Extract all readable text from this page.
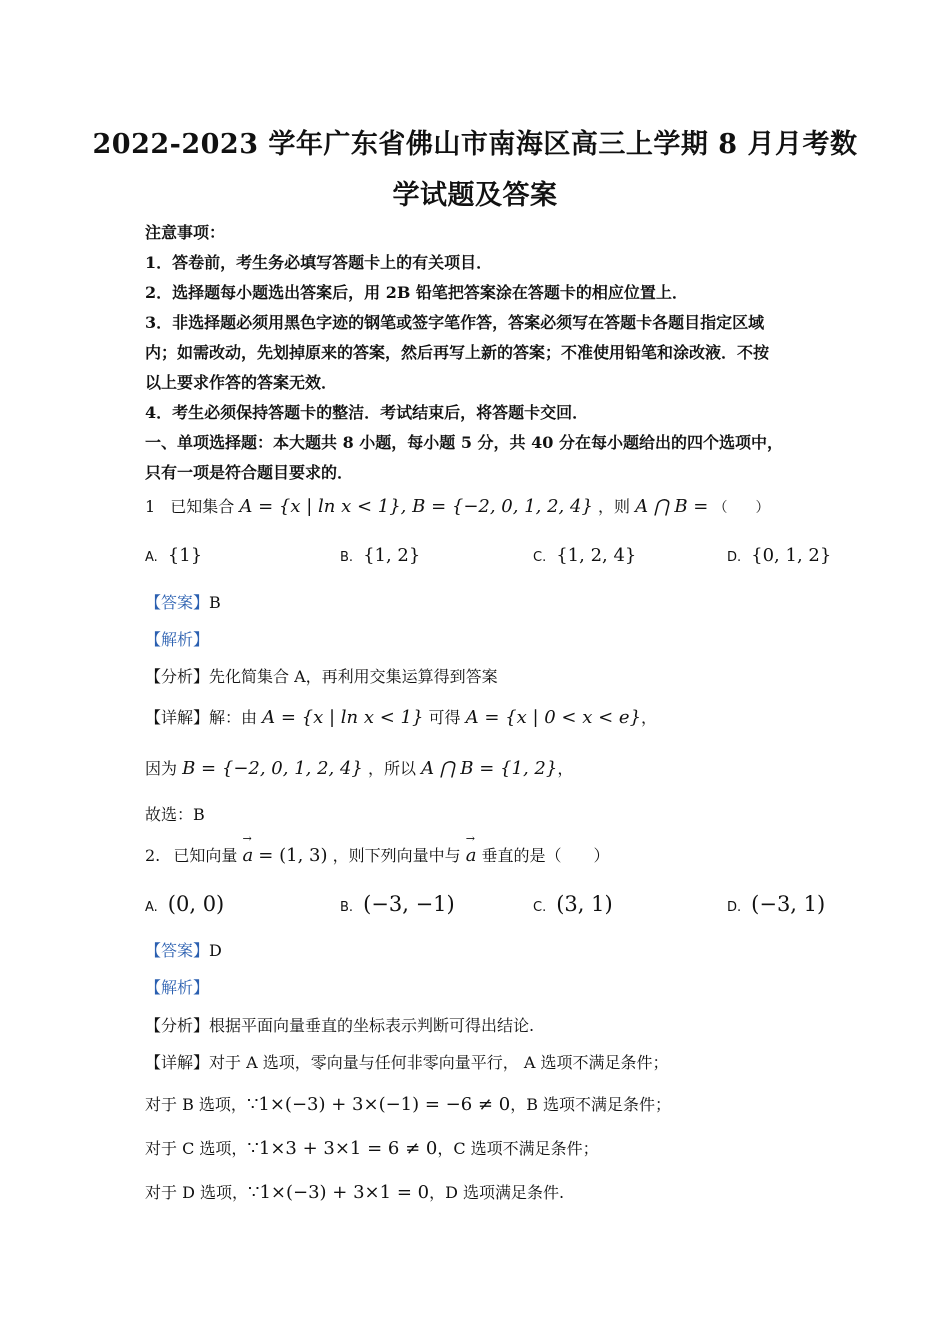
2022-2023 学年广东省佛山市南海区高三上学期 8 月月考数
学试题及答案
注意事项：
1．答卷前，考生务必填写答题卡上的有关项目．
2．选择题每小题选出答案后，用 2B 铅笔把答案涂在答题卡的相应位置上．
3．非选择题必须用黑色字迹的钢笔或签字笔作答，答案必须写在答题卡各题目指定区域
内；如需改动，先划掉原来的答案，然后再写上新的答案；不准使用铅笔和涂改液．不按
以上要求作答的答案无效．
4．考生必须保持答题卡的整洁．考试结束后，将答题卡交回．
一、单项选择题：本大题共 8 小题，每小题 5 分，共 40 分在每小题给出的四个选项中，
只有一项是符合题目要求的．
1 已知集合 A = {x | ln x < 1}, B = {−2, 0, 1, 2, 4} ，则 A ⋂ B = （　　）
A. {1}	B. {1, 2}	C. {1, 2, 4}	D. {0, 1, 2}
【答案】B
【解析】
【分析】先化简集合 A，再利用交集运算得到答案
【详解】解：由 A = {x | ln x < 1} 可得 A = {x | 0 < x < e}，
因为 B = {−2, 0, 1, 2, 4} ，所以 A ⋂ B = {1, 2}，
故选：B
2. 已知向量 → a = (1, 3) ，则下列向量中与 → a 垂直的是（　　）
A. (0, 0)	B. (−3, −1)	C. (3, 1)	D. (−3, 1)
【答案】D
【解析】
【分析】根据平面向量垂直的坐标表示判断可得出结论.
【详解】对于 A 选项，零向量与任何非零向量平行， A 选项不满足条件；
对于 B 选项，∵1×(−3) + 3×(−1) = −6 ≠ 0，B 选项不满足条件；
对于 C 选项，∵1×3 + 3×1 = 6 ≠ 0，C 选项不满足条件；
对于 D 选项，∵1×(−3) + 3×1 = 0，D 选项满足条件.
